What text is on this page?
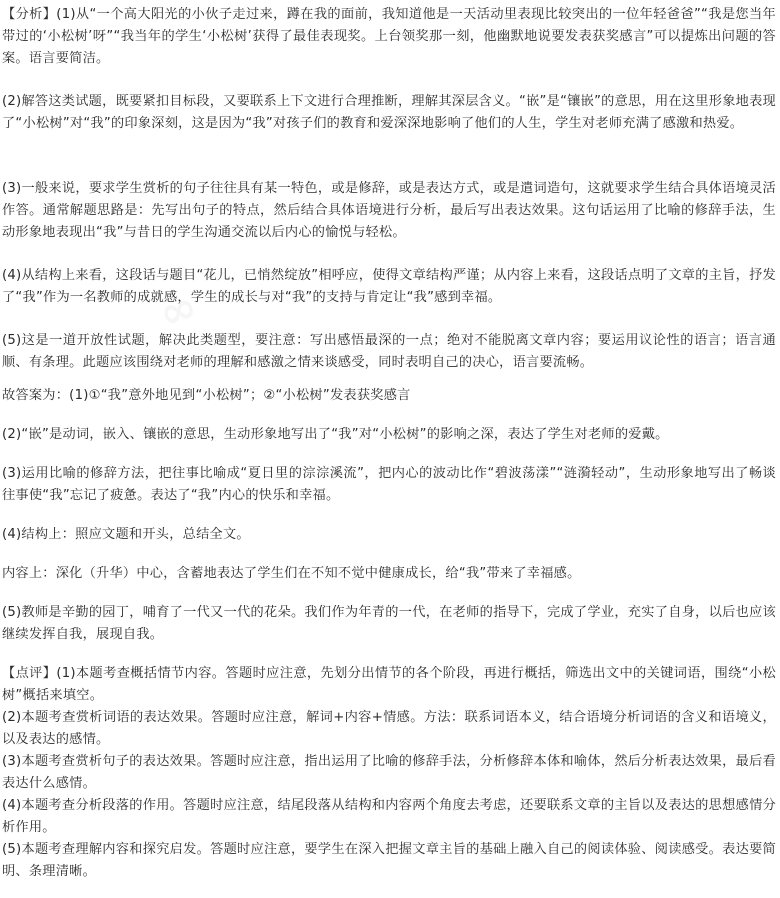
【分析】(1)从“一个高大阳光的小伙子走过来，蹲在我的面前，我知道他是一天活动里表现比较突出的一位年轻爸爸”“我是您当年带过的‘小松树’呀”“我当年的学生‘小松树’获得了最佳表现奖。上台领奖那一刻，他幽默地说要发表获奖感言”可以提炼出问题的答案。语言要简洁。

(2)解答这类试题，既要紧扣目标段，又要联系上下文进行合理推断，理解其深层含义。“嵌”是“镶嵌”的意思，用在这里形象地表现了“小松树”对“我”的印象深刻，这是因为“我”对孩子们的教育和爱深深地影响了他们的人生，学生对老师充满了感激和热爱。

(3)一般来说，要求学生赏析的句子往往具有某一特色，或是修辞，或是表达方式，或是遣词造句，这就要求学生结合具体语境灵活作答。通常解题思路是：先写出句子的特点，然后结合具体语境进行分析，最后写出表达效果。这句话运用了比喻的修辞手法，生动形象地表现出“我”与昔日的学生沟通交流以后内心的愉悦与轻松。

(4)从结构上来看，这段话与题目“花儿，已悄然绽放”相呼应，使得文章结构严谨；从内容上来看，这段话点明了文章的主旨，抒发了“我”作为一名教师的成就感，学生的成长与对“我”的支持与肯定让“我”感到幸福。

(5)这是一道开放性试题，解决此类题型，要注意：写出感悟最深的一点；绝对不能脱离文章内容；要运用议论性的语言；语言通顺、有条理。此题应该围绕对老师的理解和感激之情来谈感受，同时表明自己的决心，语言要流畅。

故答案为：(1)①“我”意外地见到“小松树”；②“小松树”发表获奖感言

(2)“嵌”是动词，嵌入、镶嵌的意思，生动形象地写出了“我”对“小松树”的影响之深，表达了学生对老师的爱戴。

(3)运用比喻的修辞方法，把往事比喻成“夏日里的淙淙溪流”，把内心的波动比作“碧波荡漾”“涟漪轻动”，生动形象地写出了畅谈往事使“我”忘记了疲惫。表达了“我”内心的快乐和幸福。

(4)结构上：照应文题和开头，总结全文。

内容上：深化（升华）中心，含蓄地表达了学生们在不知不觉中健康成长，给“我”带来了幸福感。

(5)教师是辛勤的园丁，哺育了一代又一代的花朵。我们作为年青的一代，在老师的指导下，完成了学业，充实了自身，以后也应该继续发挥自我，展现自我。

【点评】(1)本题考查概括情节内容。答题时应注意，先划分出情节的各个阶段，再进行概括，筛选出文中的关键词语，围绕“小松树”概括来填空。

(2)本题考查赏析词语的表达效果。答题时应注意，解词+内容+情感。方法：联系词语本义，结合语境分析词语的含义和语境义，以及表达的感情。

(3)本题考查赏析句子的表达效果。答题时应注意，指出运用了比喻的修辞手法，分析修辞本体和喻体，然后分析表达效果，最后看表达什么感情。

(4)本题考查分析段落的作用。答题时应注意，结尾段落从结构和内容两个角度去考虑，还要联系文章的主旨以及表达的思想感情分析作用。

(5)本题考查理解内容和探究启发。答题时应注意，要学生在深入把握文章主旨的基础上融入自己的阅读体验、阅读感受。表达要简明、条理清晰。
